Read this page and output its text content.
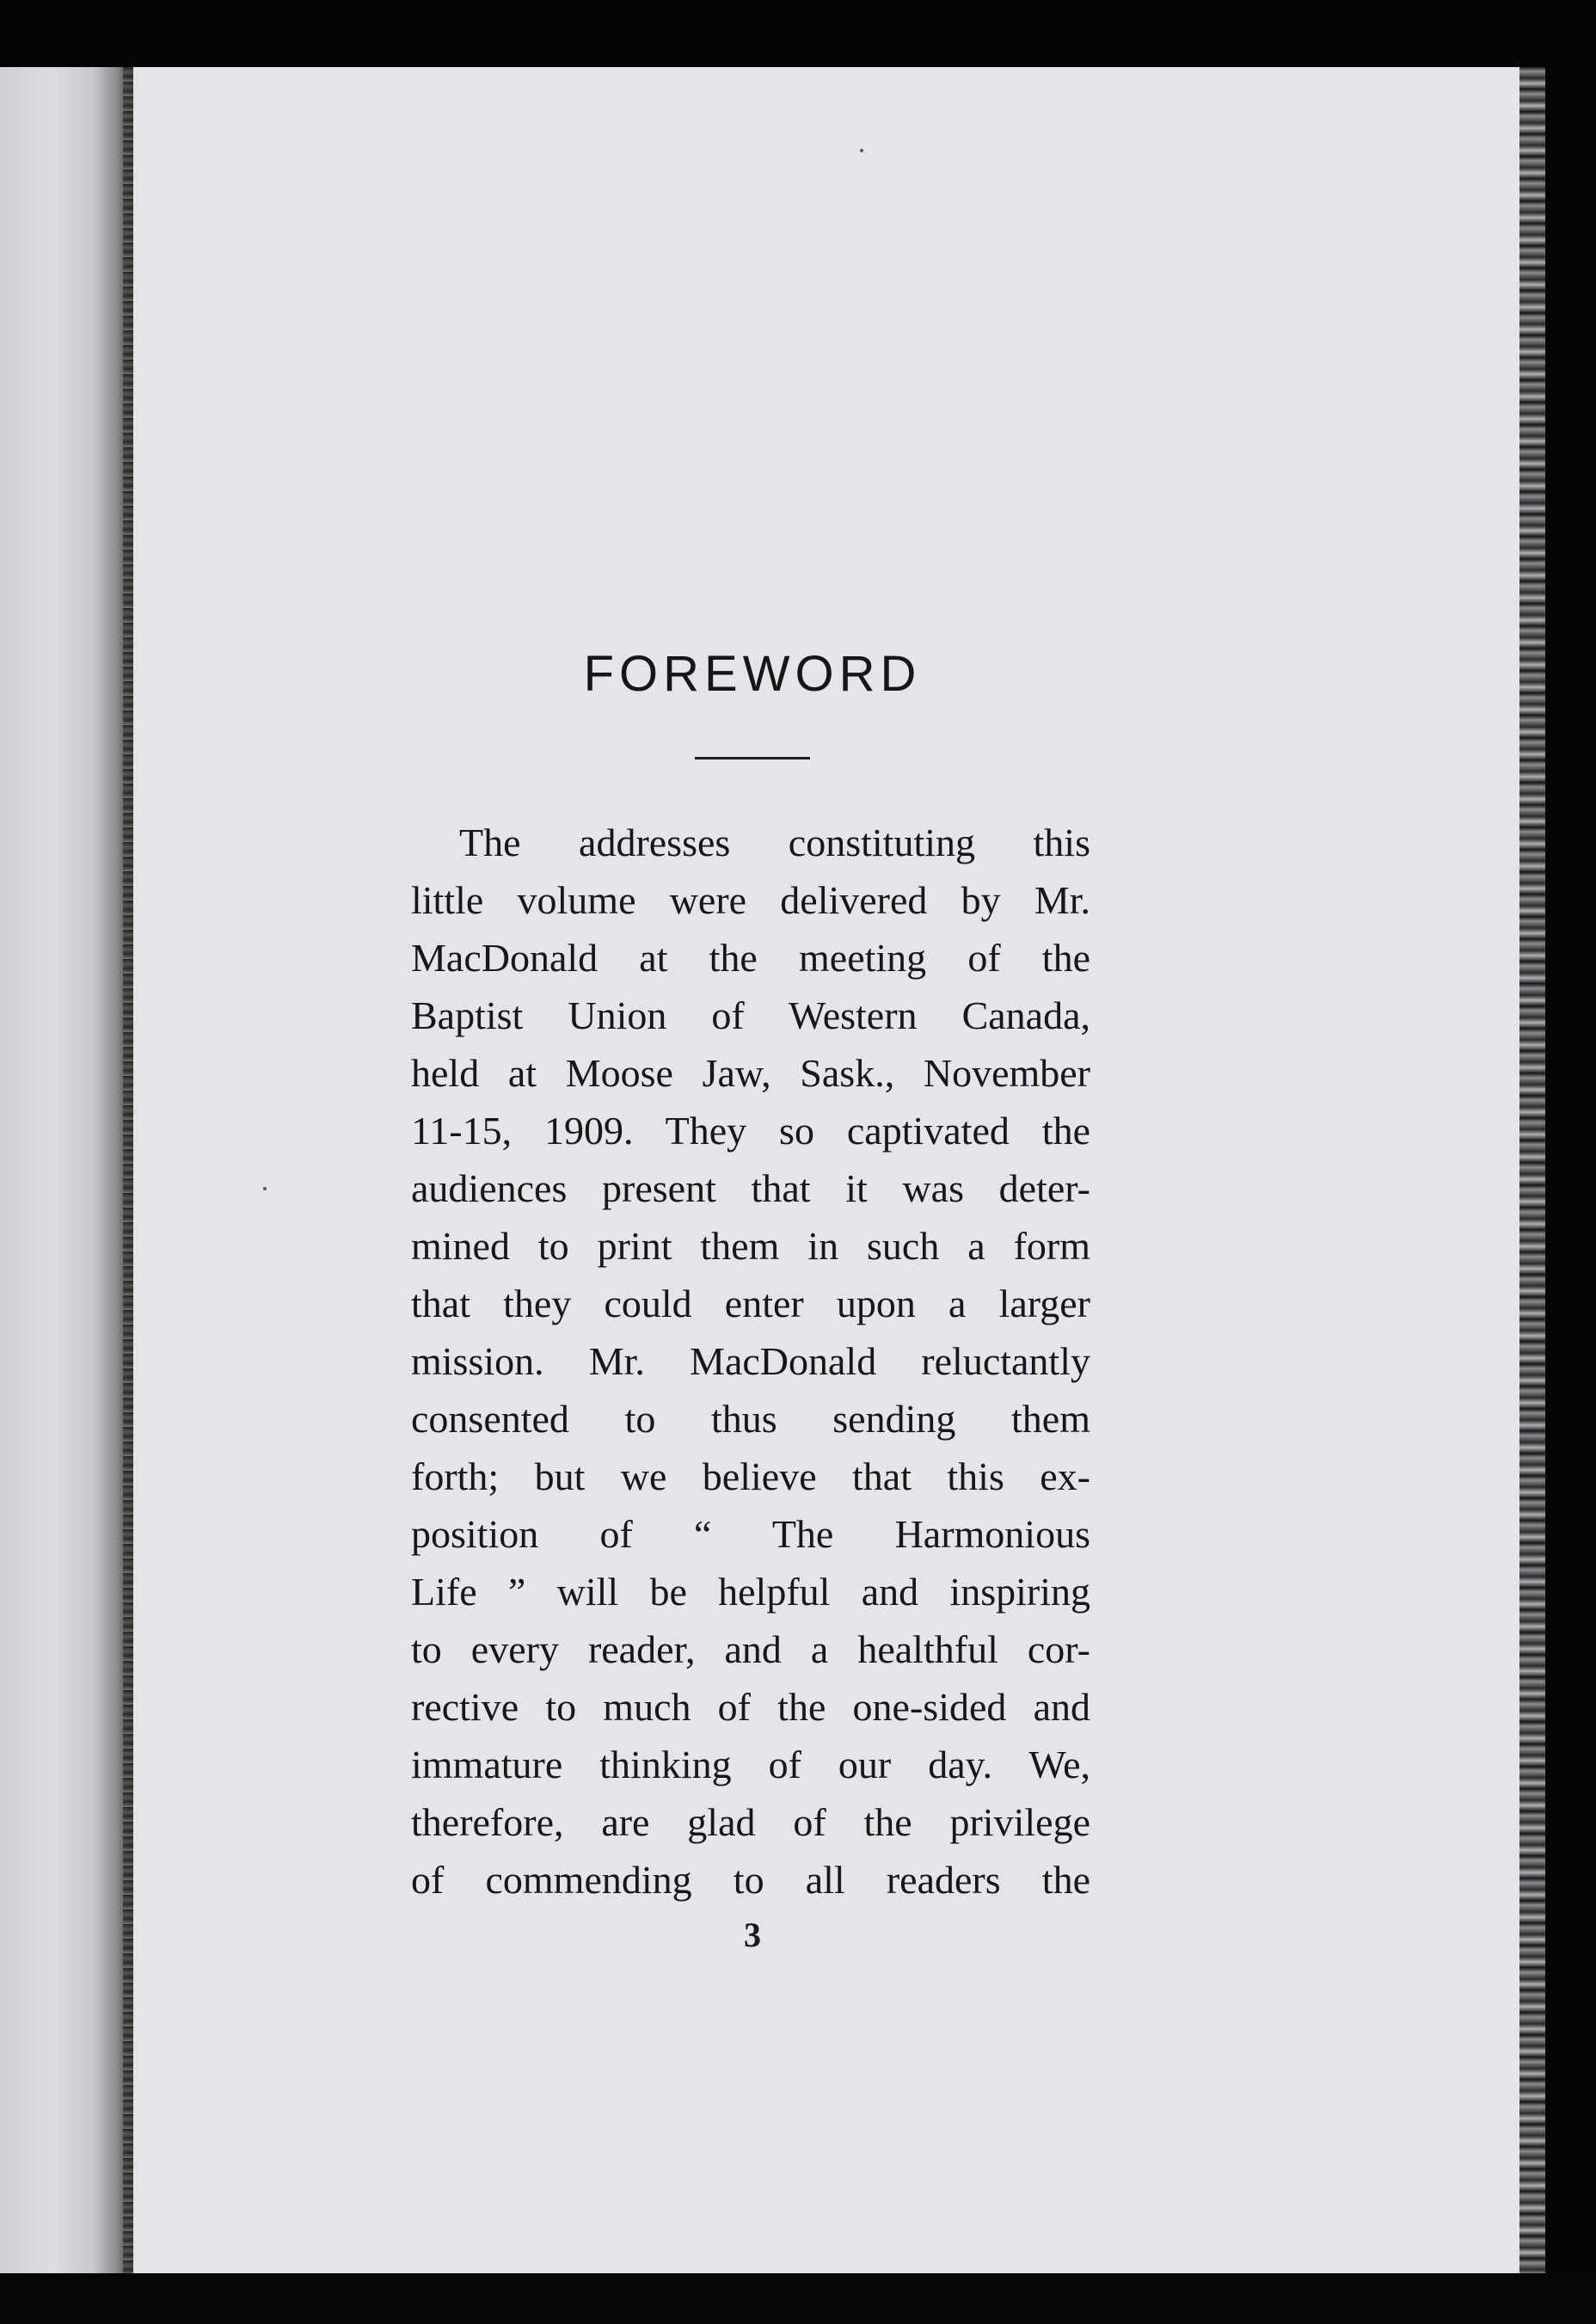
FOREWORD
The addresses constituting this
little volume were delivered by Mr.
MacDonald at the meeting of the
Baptist Union of Western Canada,
held at Moose Jaw, Sask., November
11-15, 1909. They so captivated the
audiences present that it was deter-
mined to print them in such a form
that they could enter upon a larger
mission. Mr. MacDonald reluctantly
consented to thus sending them
forth; but we believe that this ex-
position of “ The Harmonious
Life ” will be helpful and inspiring
to every reader, and a healthful cor-
rective to much of the one-sided and
immature thinking of our day. We,
therefore, are glad of the privilege
of commending to all readers the
3
